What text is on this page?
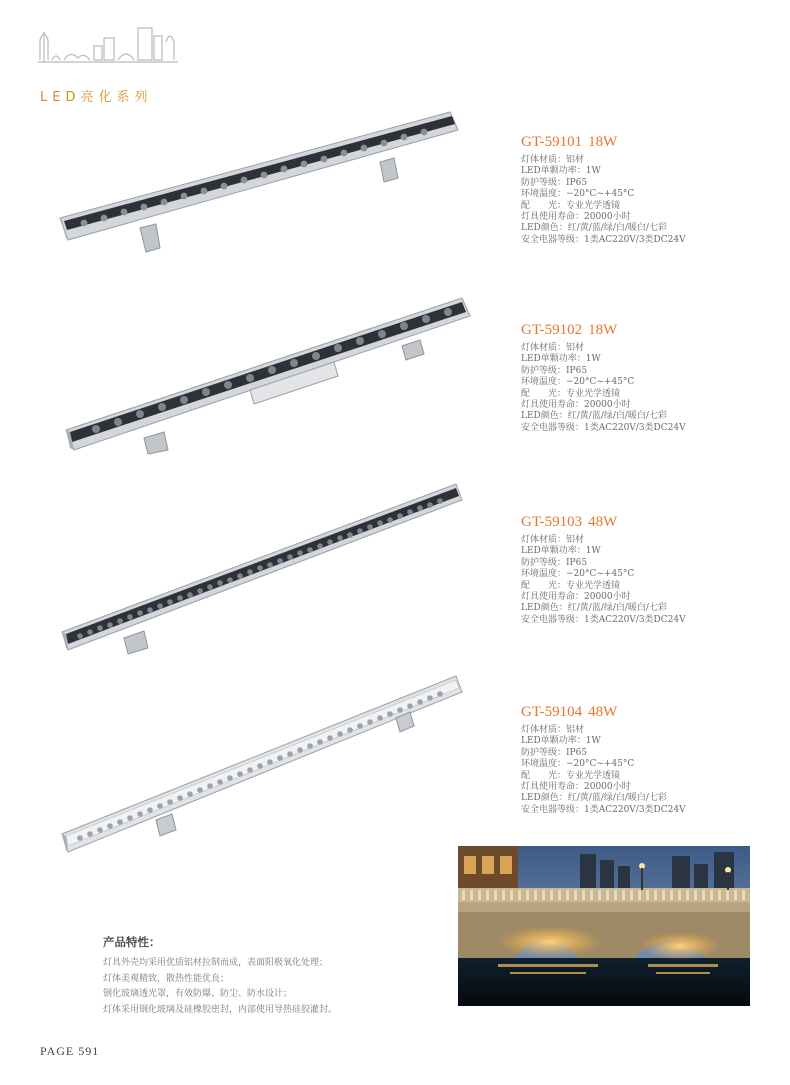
LED亮化系列
GT-59101 18W
灯体材质：铝材
LED单颗功率：1W
防护等级：IP65
环境温度：−20°C~+45°C
配　　光：专业光学透镜
灯具使用寿命：20000小时
LED颜色：红/黄/蓝/绿/白/暖白/七彩
安全电器等级：1类AC220V/3类DC24V
GT-59102 18W
灯体材质：铝材
LED单颗功率：1W
防护等级：IP65
环境温度：−20°C~+45°C
配　　光：专业光学透镜
灯具使用寿命：20000小时
LED颜色：红/黄/蓝/绿/白/暖白/七彩
安全电器等级：1类AC220V/3类DC24V
GT-59103 48W
灯体材质：铝材
LED单颗功率：1W
防护等级：IP65
环境温度：−20°C~+45°C
配　　光：专业光学透镜
灯具使用寿命：20000小时
LED颜色：红/黄/蓝/绿/白/暖白/七彩
安全电器等级：1类AC220V/3类DC24V
GT-59104 48W
灯体材质：铝材
LED单颗功率：1W
防护等级：IP65
环境温度：−20°C~+45°C
配　　光：专业光学透镜
灯具使用寿命：20000小时
LED颜色：红/黄/蓝/绿/白/暖白/七彩
安全电器等级：1类AC220V/3类DC24V
产品特性：
灯具外壳均采用优质铝材拉制而成，表面阳极氧化处理；
灯体美观精致，散热性能优良；
钢化玻璃透光罩，有效防爆、防尘、防水设计；
灯体采用钢化玻璃及硅橡胶密封，内部使用导热硅胶灌封。
PAGE 591
